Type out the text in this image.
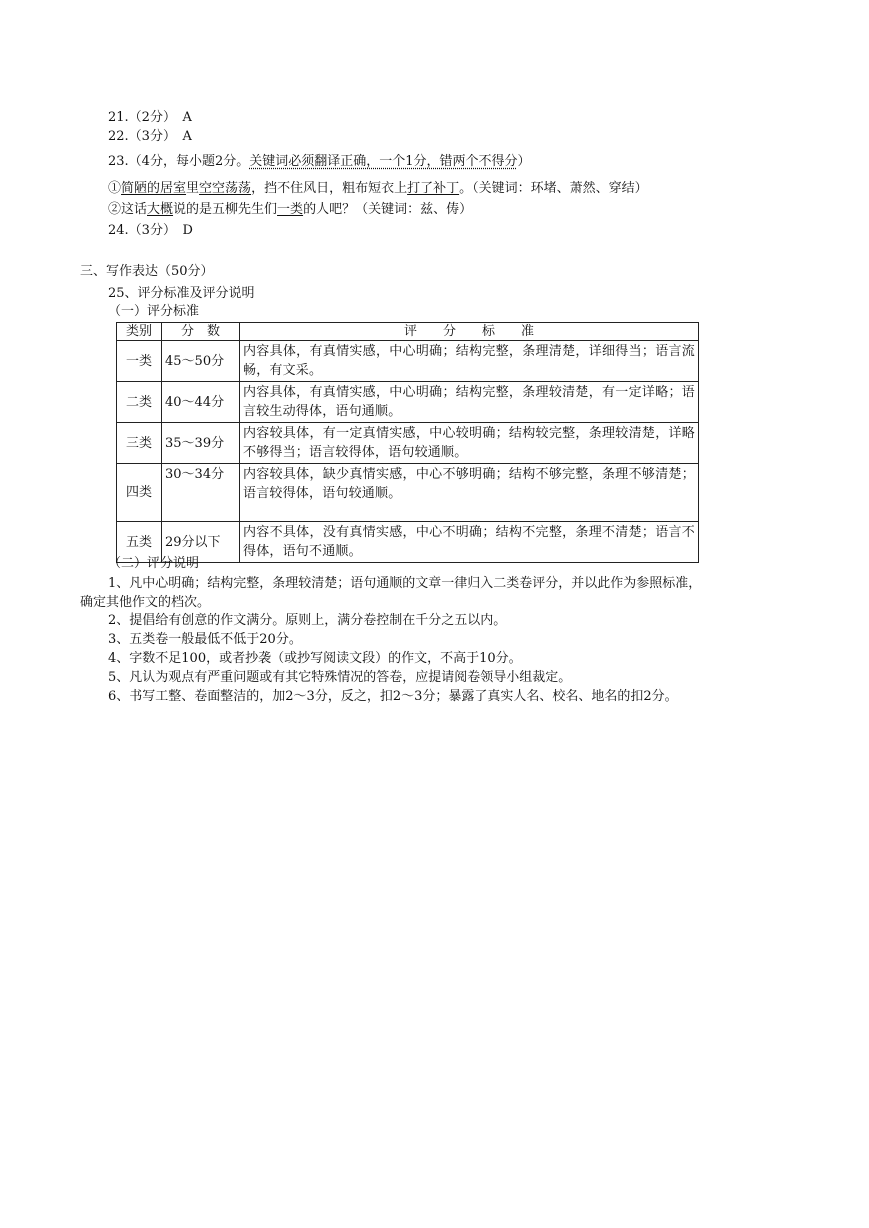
21.（2分）　A
22.（3分）　A
23.（4分，每小题2分。关键词必须翻译正确，一个1分，错两个不得分）
①简陋的居室里空空荡荡，挡不住风日，粗布短衣上打了补丁。（关键词：环堵、萧然、穿结）
②这话大概说的是五柳先生们一类的人吧？（关键词：兹、俦）
24.（3分）　D
三、写作表达（50分）
25、评分标准及评分说明
（一）评分标准
类别	分　数	评　　分　　标　　准
一类	45～50分	内容具体，有真情实感，中心明确；结构完整，条理清楚，详细得当；语言流畅，有文采。
二类	40～44分	内容具体，有真情实感，中心明确；结构完整，条理较清楚，有一定详略；语言较生动得体，语句通顺。
三类	35～39分	内容较具体，有一定真情实感，中心较明确；结构较完整，条理较清楚，详略不够得当；语言较得体，语句较通顺。
四类	30～34分	内容较具体，缺少真情实感，中心不够明确；结构不够完整，条理不够清楚；语言较得体，语句较通顺。
五类	29分以下	内容不具体，没有真情实感，中心不明确；结构不完整，条理不清楚；语言不得体，语句不通顺。
（二）评分说明
1、凡中心明确；结构完整，条理较清楚；语句通顺的文章一律归入二类卷评分，并以此作为参照标准，
确定其他作文的档次。
2、提倡给有创意的作文满分。原则上，满分卷控制在千分之五以内。
3、五类卷一般最低不低于20分。
4、字数不足100，或者抄袭（或抄写阅读文段）的作文，不高于10分。
5、凡认为观点有严重问题或有其它特殊情况的答卷，应提请阅卷领导小组裁定。
6、书写工整、卷面整洁的，加2～3分，反之，扣2～3分；暴露了真实人名、校名、地名的扣2分。
